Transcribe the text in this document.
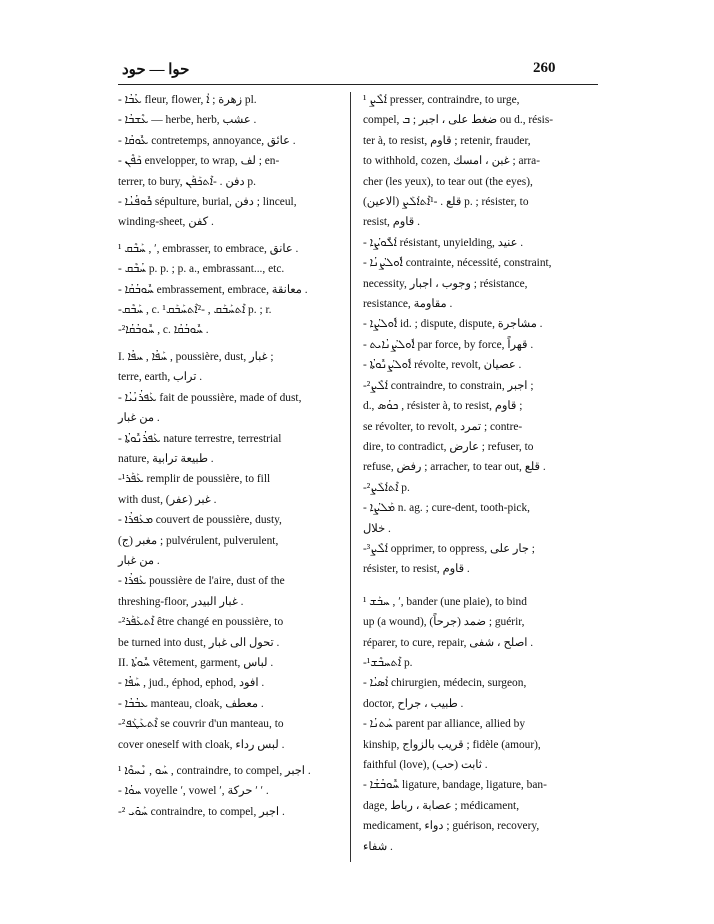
حوا — حود	260
- ܥܳܒܳܐ fleur, flower, زهرة ; ܐܳ pl.
- ܥܶܫܒܳܐ — herbe, herb, عشب .
- ܥܽܘܩܳܐ contretemps, annoyance, عائق .
- ܟܰܦܶܢ envelopper, to wrap, لف ; en-
terrer, to bury, دفن . -ܐܶܬܟܰܦܰܢ p.
- ܟܽܘܦܳܢܳܐ sépulture, burial, دفن ; linceul,
winding-sheet, كفن .
¹ ܚܰܒܶܩ , ʹ, embrasser, to embrace, عانق .
- ܚܳܒܶܩ p. p. ; p. a., embrassant..., etc.
- ܚܽܘܒܳܩܳܐ embrassement, embrace, معانقة .
-ܚܰܒܶܩ , c. ¹ܐܶܬܚܰܒܰܩ , -²ܐܶܬܚܰܒܰܩ p. ; r.
-²ܚܽܘܒܳܩܳܐ , c. ܚܽܘܒܳܩܳܐ .
I. ܚܰܦܳܐ , ܚܦܳܐ , poussière, dust, غبار ;
terre, earth, تراب .
- ܥܰܦܪܳܢܳܝܳܐ fait de poussière, made of dust,
من غبار .
- ܥܰܦܪܳܢܽܘܬܳܐ nature terrestre, terrestrial
nature, طبيعة ترابية .
-¹ܥܰܦܰܪ remplir de poussière, to fill
with dust, (عفر) غبر .
- ܡܥܰܦܪܳܐ couvert de poussière, dusty,
(ج) مغبر ; pulvérulent, pulverulent,
من غبار .
- ܥܰܦܪܳܐ poussière de l'aire, dust of the
threshing-floor, غبار البيدر .
-²ܐܶܬܥܰܦܰܪ être changé en poussière, to
be turned into dust, تحول الى غبار .
II. ܚܽܘܬܳܐ vêtement, garment, لباس .
- ܚܰܦܳܐ , jud., éphod, ephod, افود .
- ܥܒܳܒܳܐ manteau, cloak, معطف .
-²ܐܶܬܥܰܛܰܦ se couvrir d'un manteau, to
cover oneself with cloak, لبس رداء .
¹ ܚܰܘ , ܢܶܚܘܶܐ , contraindre, to compel, اجبر .
- ܚܘܳܐ voyelle ʹ, vowel ʹ, حركة ʹ ʹ .
-² ܚܰܘܺܝ contraindre, to compel, اجبر .
¹ ܐܰܠܶܨ presser, contraindre, to urge,
compel, ضغط على ، اجبر ; ܒ ou d., résis-
ter à, to resist, قاوم ; retenir, frauder,
to withhold, cozen, غبن ، امسك ; arra-
cher (les yeux), to tear out (the eyes),
(الاعين) قلع . -¹ܐܶܬܐܰܠܰܨ p. ; résister, to
resist, قاوم .
- ܐܰܠܽܘܨܳܐ résistant, unyielding, عنيد .
- ܐܽܘܠܨܳܢܳܐ contrainte, nécessité, constraint,
necessity, وجوب ، اجبار ; résistance,
resistance, مقاومة .
- ܐܽܘܠܨܳܐ id. ; dispute, dispute, مشاجرة .
- ܐܽܘܠܨܳܢܳܐܝܬ par force, by force, قهراً .
- ܐܽܘܠܨܳܢܽܘܬܳܐ révolte, revolt, عصيان .
-²ܐܰܠܶܨ contraindre, to constrain, اجبر ;
d., ܟܘܳܣ , résister à, to resist, قاوم ;
se révolter, to revolt, تمرد ; contre-
dire, to contradict, عارض ; refuser, to
refuse, رفض ; arracher, to tear out, قلع .
-²ܐܶܬܐܰܠܰܨ p.
- ܡܰܠܨܳܐ n. ag. ; cure-dent, tooth-pick,
خلال .
-³ܐܰܠܶܨ opprimer, to oppress, جار على ;
résister, to resist, قاوم .
¹ ܚܒܰܫ , ʹ, bander (une plaie), to bind
up (a wound), (جرحاً) ضمد ; guérir,
réparer, to cure, repair, اصلح ، شفى .
-¹ܐܶܬܚܒܶܫ p.
- ܐܳܣܝܳܐ chirurgien, médecin, surgeon,
doctor, طبيب ، جراح .
- ܚܰܬܢܳܐ parent par alliance, allied by
kinship, قريب بالزواج ; fidèle (amour),
faithful (love), (حب) ثابت .
- ܚܽܘܒܳܫܳܐ ligature, bandage, ligature, ban-
dage, عصابة ، رباط ; médicament,
medicament, دواء ; guérison, recovery,
شفاء .
